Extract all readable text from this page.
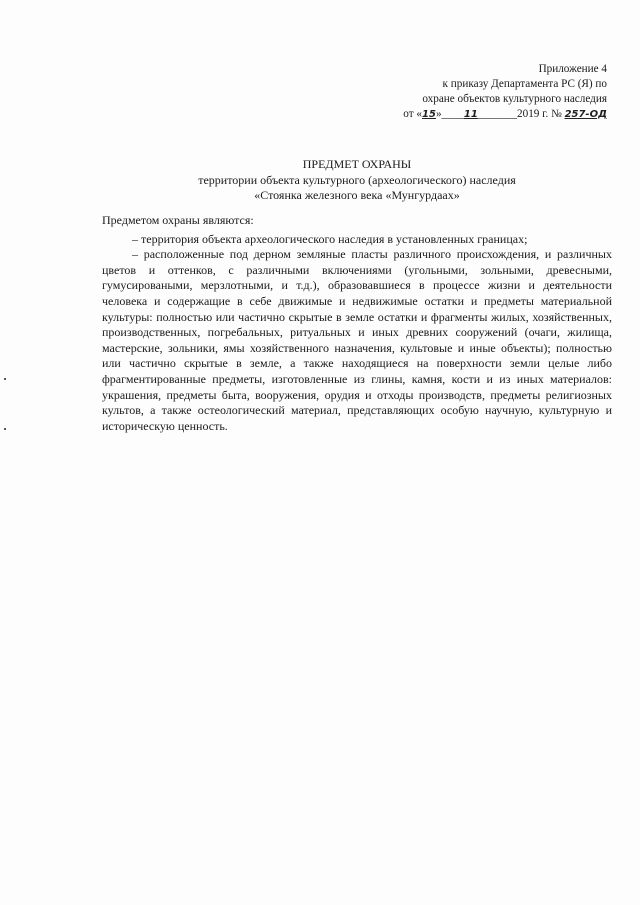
Приложение 4
к приказу Департамента РС (Я) по
охране объектов культурного наследия
от «15»____11_______2019 г. № 257-ОД
ПРЕДМЕТ ОХРАНЫ
территории объекта культурного (археологического) наследия
«Стоянка железного века «Мунгурдаах»

Предметом охраны являются:

– территория объекта археологического наследия в установленных границах;

– расположенные под дерном земляные пласты различного происхождения, и различных цветов и оттенков, с различными включениями (угольными, зольными, древесными, гумусироваными, мерзлотными, и т.д.), образовавшиеся в процессе жизни и деятельности человека и содержащие в себе движимые и недвижимые остатки и предметы материальной культуры: полностью или частично скрытые в земле остатки и фрагменты жилых, хозяйственных, производственных, погребальных, ритуальных и иных древних сооружений (очаги, жилища, мастерские, зольники, ямы хозяйственного назначения, культовые и иные объекты); полностью или частично скрытые в земле, а также находящиеся на поверхности земли целые либо фрагментированные предметы, изготовленные из глины, камня, кости и из иных материалов: украшения, предметы быта, вооружения, орудия и отходы производств, предметы религиозных культов, а также остеологический материал, представляющих особую научную, культурную и историческую ценность.
